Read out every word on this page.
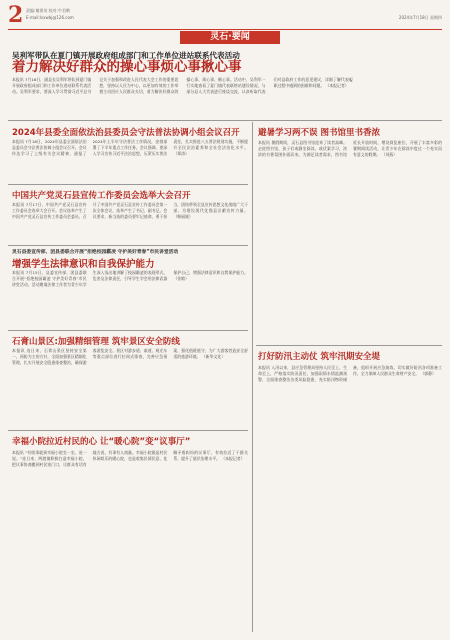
2 责编:谢建英 校对:牛君鹤
E-mail:lsxwbj@126.com	2024年7月18日 星期四
灵石·要闻
吴利军带队在夏门镇开展政府组成部门和工作单位进站联系代表活动
着力解决好群众的操心事烦心事揪心事
本报讯 7月16日，副县长吴利军带队到夏门镇开展政府组成部门和工作单位进站联系代表活动。吴利军要求，要深入学习贯彻习近平总书记关于加强和改进人民代表大会工作的重要思想，坚持以人民为中心，以更加有效的工作举措主动回应人民群众关切，着力解决好群众的操心事、烦心事、揪心事。活动中，吴利军一行实地查看了夏门镇代表联络站建设情况，与部分县人大代表进行座谈交流，认真听取代表们对县政府工作的意见建议，详细了解代表履职过程中遇到的困难和问题。 （本报记者）
2024年县委全面依法治县委员会守法普法协调小组会议召开
本报讯 7月16日，2024年县委全面依法治县委员会守法普法协调小组会议召开。会议传达学习了上级有关会议精神，通报了2024年上半年守法普法工作情况，安排部署了下半年重点工作任务。会议强调，要深入学习宣传习近平法治思想，压紧压实普法责任，扎实推进八五普法规划实施，不断提升全民法治素养和全社会法治化水平。 （郑涛）
中国共产党灵石县宣传工作委员会选举大会召开
本报讯 7月17日，中国共产党灵石县宣传工作委员会选举大会召开。会议选举产生了中国共产党灵石县宣传工作委员会委员，召开了中国共产党灵石县宣传工作委员会第一次全体会议，选举产生了书记、副书记。会议要求，新当选的委员要牢记使命、勇于担当，团结带领全县宣传思想文化战线广大干部，为建设现代化强县贡献宣传力量。 （韩丽媛）
灵石县委宣传部、团县委联合开展“拒绝校园霸凌 守护美好青春”市民讲堂活动
增强学生法律意识和自我保护能力
本报讯 7月15日，县委宣传部、团县委联合开展“拒绝校园霸凌 守护美好青春”市民讲堂活动。活动邀请法律工作者为青少年学生深入浅出地讲解了校园霸凌的表现形式、危害及法律责任，引导学生学会用法律武器保护自己，增强法律意识和自我保护能力。 （张敏）
石膏山景区:加强精细管理 筑牢景区安全防线
本报讯 连日来，石膏山景区坚持安全第一、预防为主的方针，全面加强景区精细化管理，扎实开展安全隐患排查整治，确保游客游览安全。景区对游步道、索道、观光车等重点部位进行拉网式排查，完善应急预案，强化值班值守，为广大游客营造安全舒适的旅游环境。 （新华文化）
幸福小院拉近村民的心 让“暖心院”变“议事厅”
本报讯 “有啥事就到幸福小院坐一坐、说一说。”连日来，两渡镇积极打造幸福小院，把议事协商搬到村民家门口，让群众有话有地方说、有事有人商量。幸福小院既是村民休闲娱乐的暖心院，也是收集民情民意、化解矛盾纠纷的议事厅，有效拉近了干群关系，提升了基层治理水平。 （本报记者）
避暑学习两不误 图书馆里书香浓
本报讯 暑假期间，灵石县图书馆迎来了读者高峰。走进图书馆，孩子们或静坐阅读，或伏案学习，浓浓的书香氛围扑面而来。为满足读者需求，图书馆延长开放时间，增设阅览座位，开展了丰富多彩的暑期阅读活动，让青少年在阅读中度过一个充实而有意义的假期。 （刘燕）
打好防汛主动仗 筑牢汛期安全堤
本报讯 入汛以来，县应急管理局坚持人民至上、生命至上，严格落实防汛责任，加强雨情水情监测预警，全面排查整治各类风险隐患，充实防汛物资储备，组织开展应急演练，切实做好防汛各项准备工作，全力保障人民群众生命财产安全。 （郭静）
